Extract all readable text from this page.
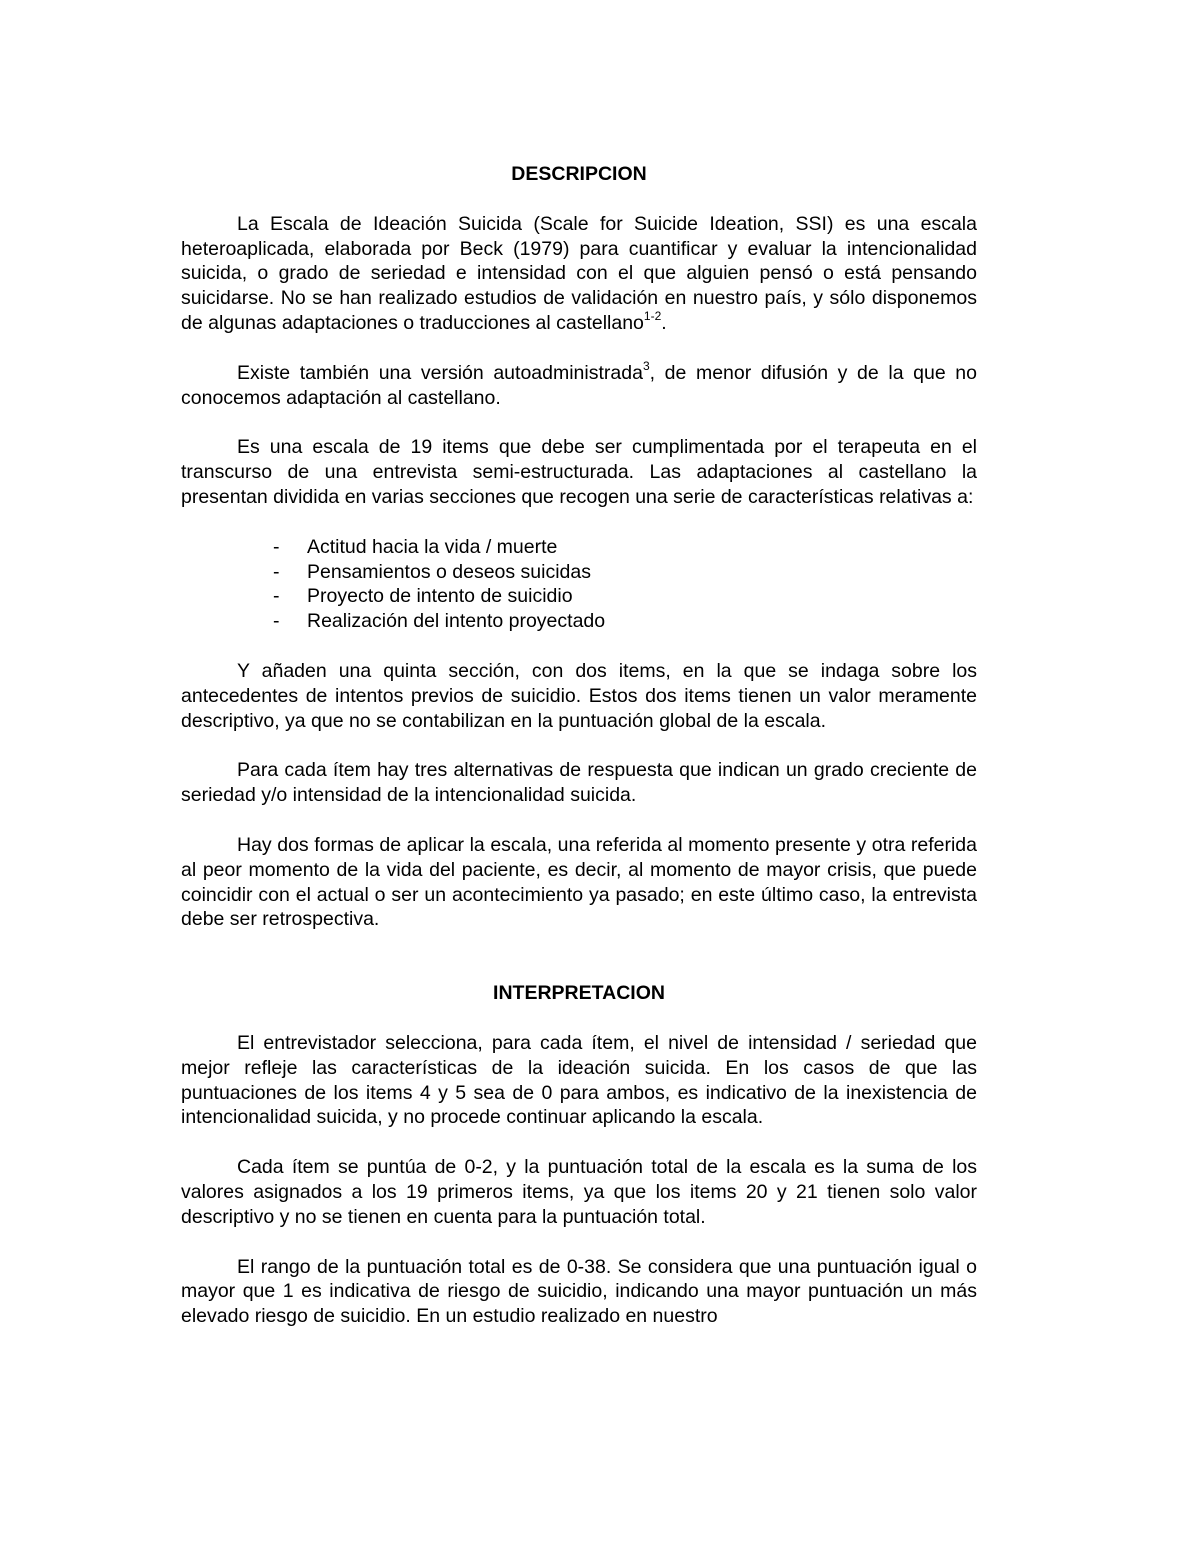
DESCRIPCION

La Escala de Ideación Suicida (Scale for Suicide Ideation, SSI) es una escala heteroaplicada, elaborada por Beck (1979) para cuantificar y evaluar la intencionalidad suicida, o grado de seriedad e intensidad con el que alguien pensó o está pensando suicidarse. No se han realizado estudios de validación en nuestro país, y sólo disponemos de algunas adaptaciones o traducciones al castellano$^{1-2}$.

Existe también una versión autoadministrada$^3$, de menor difusión y de la que no conocemos adaptación al castellano.

Es una escala de 19 items que debe ser cumplimentada por el terapeuta en el transcurso de una entrevista semi-estructurada. Las adaptaciones al castellano la presentan dividida en varias secciones que recogen una serie de características relativas a:

- Actitud hacia la vida / muerte
- Pensamientos o deseos suicidas
- Proyecto de intento de suicidio
- Realización del intento proyectado

Y añaden una quinta sección, con dos items, en la que se indaga sobre los antecedentes de intentos previos de suicidio. Estos dos items tienen un valor meramente descriptivo, ya que no se contabilizan en la puntuación global de la escala.

Para cada ítem hay tres alternativas de respuesta que indican un grado creciente de seriedad y/o intensidad de la intencionalidad suicida.

Hay dos formas de aplicar la escala, una referida al momento presente y otra referida al peor momento de la vida del paciente, es decir, al momento de mayor crisis, que puede coincidir con el actual o ser un acontecimiento ya pasado; en este último caso, la entrevista debe ser retrospectiva.

INTERPRETACION

El entrevistador selecciona, para cada ítem, el nivel de intensidad / seriedad que mejor refleje las características de la ideación suicida. En los casos de que las puntuaciones de los items 4 y 5 sea de 0 para ambos, es indicativo de la inexistencia de intencionalidad suicida, y no procede continuar aplicando la escala.

Cada ítem se puntúa de 0-2, y la puntuación total de la escala es la suma de los valores asignados a los 19 primeros items, ya que los items 20 y 21 tienen solo valor descriptivo y no se tienen en cuenta para la puntuación total.

El rango de la puntuación total es de 0-38. Se considera que una puntuación igual o mayor que 1 es indicativa de riesgo de suicidio, indicando una mayor puntuación un más elevado riesgo de suicidio. En un estudio realizado en nuestro
